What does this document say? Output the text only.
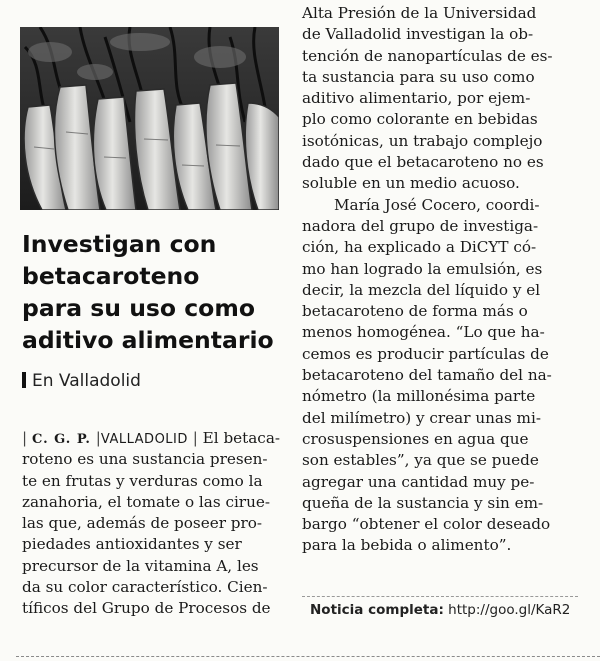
Investigan con
betacaroteno
para su uso como
aditivo alimentario
En Valladolid
| C. G. P. |VALLADOLID | El betaca-
roteno es una sustancia presen-
te en frutas y verduras como la
zanahoria, el tomate o las cirue-
las que, además de poseer pro-
piedades antioxidantes y ser
precursor de la vitamina A, les
da su color característico. Cien-
tíficos del Grupo de Procesos de
Alta Presión de la Universidad
de Valladolid investigan la ob-
tención de nanopartículas de es-
ta sustancia para su uso como
aditivo alimentario, por ejem-
plo como colorante en bebidas
isotónicas, un trabajo complejo
dado que el betacaroteno no es
soluble en un medio acuoso.
María José Cocero, coordi-
nadora del grupo de investiga-
ción, ha explicado a DiCYT có-
mo han logrado la emulsión, es
decir, la mezcla del líquido y el
betacaroteno de forma más o
menos homogénea. “Lo que ha-
cemos es producir partículas de
betacaroteno del tamaño del na-
nómetro (la millonésima parte
del milímetro) y crear unas mi-
crosuspensiones en agua que
son estables”, ya que se puede
agregar una cantidad muy pe-
queña de la sustancia y sin em-
bargo “obtener el color deseado
para la bebida o alimento”.
Noticia completa: http://goo.gl/KaR2
